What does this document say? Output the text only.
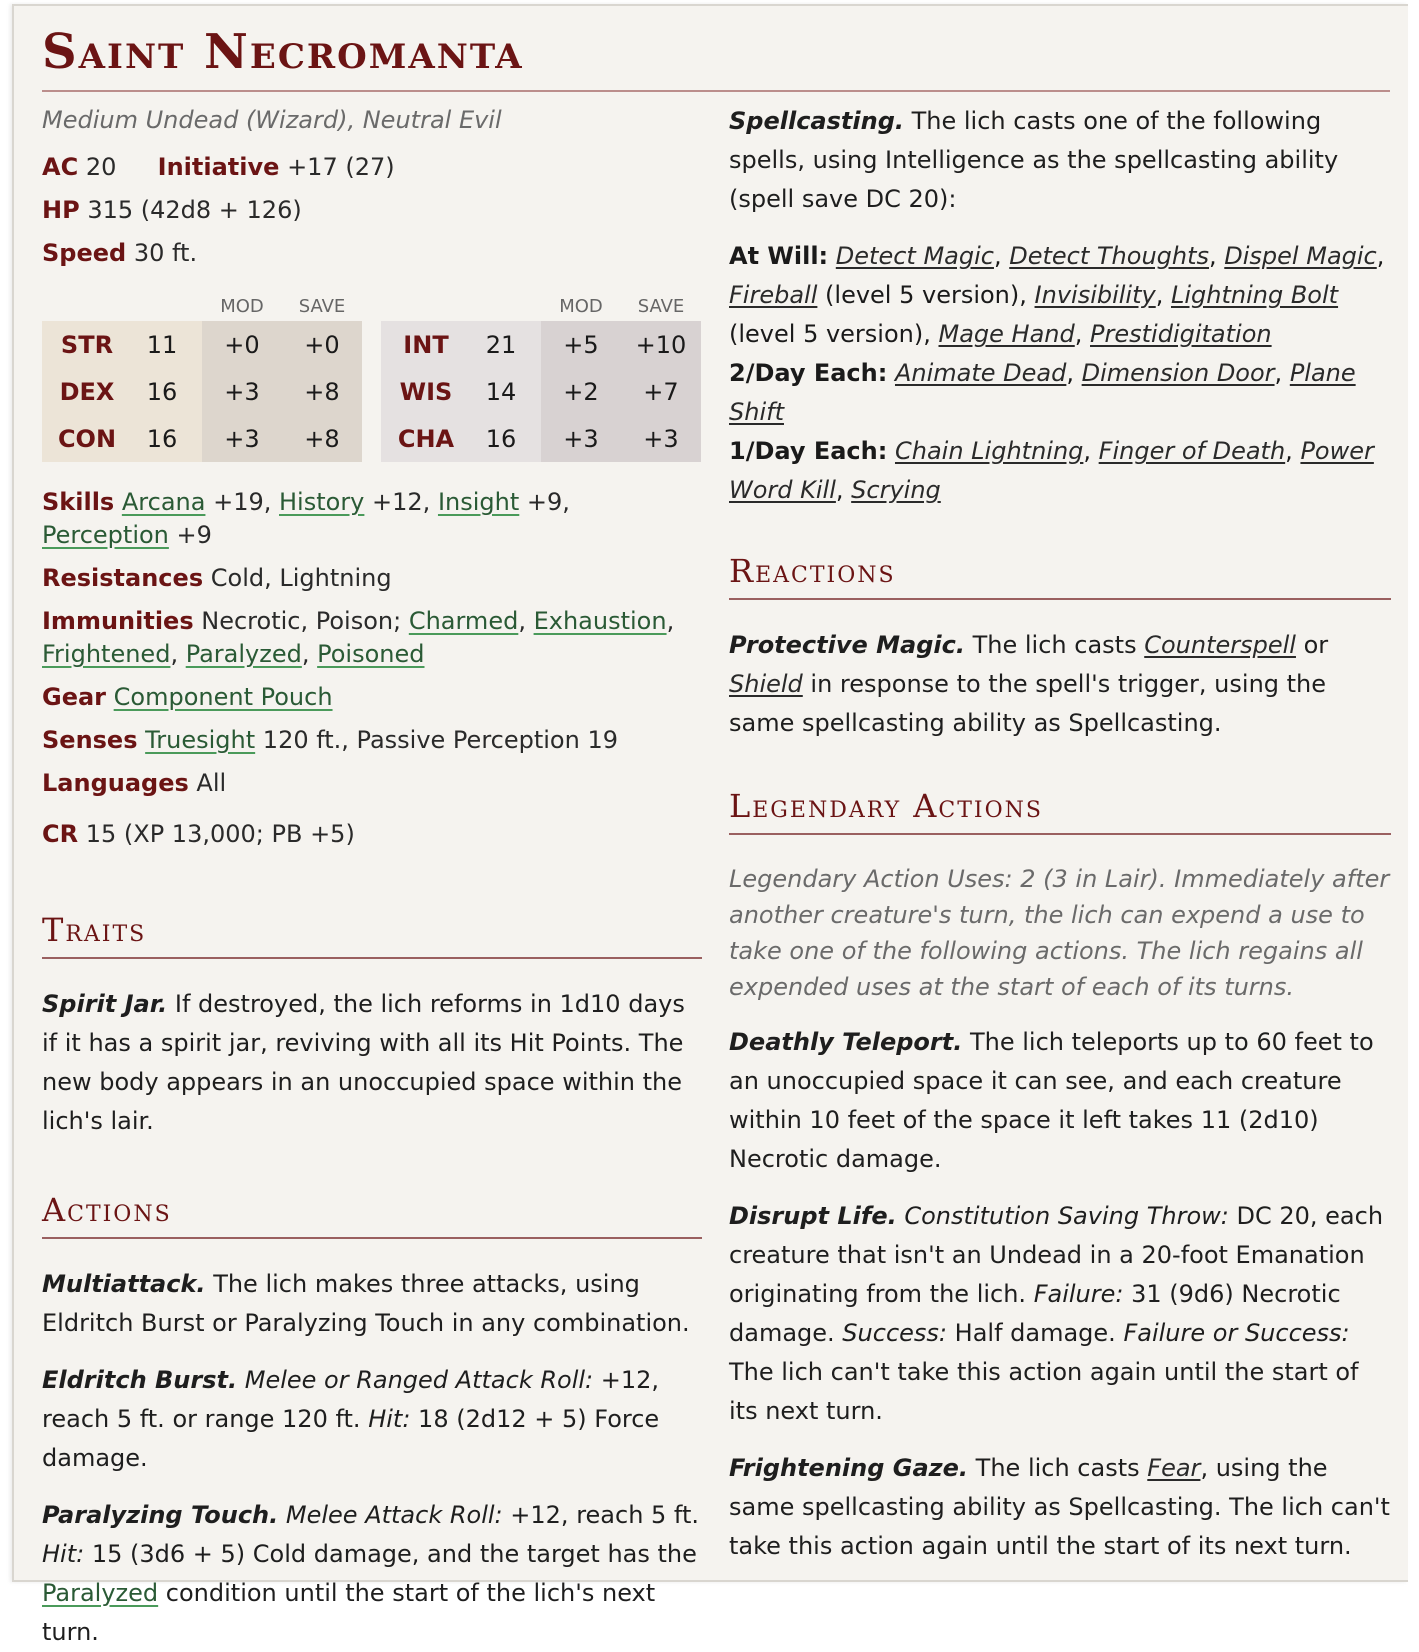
Saint Necromanta
Medium Undead (Wizard), Neutral Evil
AC 20 Initiative +17 (27)
HP 315 (42d8 + 126)
Speed 30 ft.
MOD	SAVE
STR	11	+0	+0
DEX	16	+3	+8
CON	16	+3	+8
MOD	SAVE
INT	21	+5	+10
WIS	14	+2	+7
CHA	16	+3	+3
Skills Arcana +19, History +12, Insight +9, Perception +9
Resistances Cold, Lightning
Immunities Necrotic, Poison; Charmed, Exhaustion, Frightened, Paralyzed, Poisoned
Gear Component Pouch
Senses Truesight 120 ft., Passive Perception 19
Languages All
CR 15 (XP 13,000; PB +5)
Traits
Spirit Jar. If destroyed, the lich reforms in 1d10 days if it has a spirit jar, reviving with all its Hit Points. The new body appears in an unoccupied space within the lich's lair.
Actions
Multiattack. The lich makes three attacks, using Eldritch Burst or Paralyzing Touch in any combination.
Eldritch Burst. Melee or Ranged Attack Roll: +12, reach 5 ft. or range 120 ft. Hit: 18 (2d12 + 5) Force damage.
Paralyzing Touch. Melee Attack Roll: +12, reach 5 ft. Hit: 15 (3d6 + 5) Cold damage, and the target has the Paralyzed condition until the start of the lich's next turn.
Spellcasting. The lich casts one of the following spells, using Intelligence as the spellcasting ability (spell save DC 20):
At Will: Detect Magic, Detect Thoughts, Dispel Magic, Fireball (level 5 version), Invisibility, Lightning Bolt (level 5 version), Mage Hand, Prestidigitation
2/Day Each: Animate Dead, Dimension Door, Plane Shift
1/Day Each: Chain Lightning, Finger of Death, Power Word Kill, Scrying
Reactions
Protective Magic. The lich casts Counterspell or Shield in response to the spell's trigger, using the same spellcasting ability as Spellcasting.
Legendary Actions
Legendary Action Uses: 2 (3 in Lair). Immediately after another creature's turn, the lich can expend a use to take one of the following actions. The lich regains all expended uses at the start of each of its turns.
Deathly Teleport. The lich teleports up to 60 feet to an unoccupied space it can see, and each creature within 10 feet of the space it left takes 11 (2d10) Necrotic damage.
Disrupt Life. Constitution Saving Throw: DC 20, each creature that isn't an Undead in a 20-foot Emanation originating from the lich. Failure: 31 (9d6) Necrotic damage. Success: Half damage. Failure or Success: The lich can't take this action again until the start of its next turn.
Frightening Gaze. The lich casts Fear, using the same spellcasting ability as Spellcasting. The lich can't take this action again until the start of its next turn.
